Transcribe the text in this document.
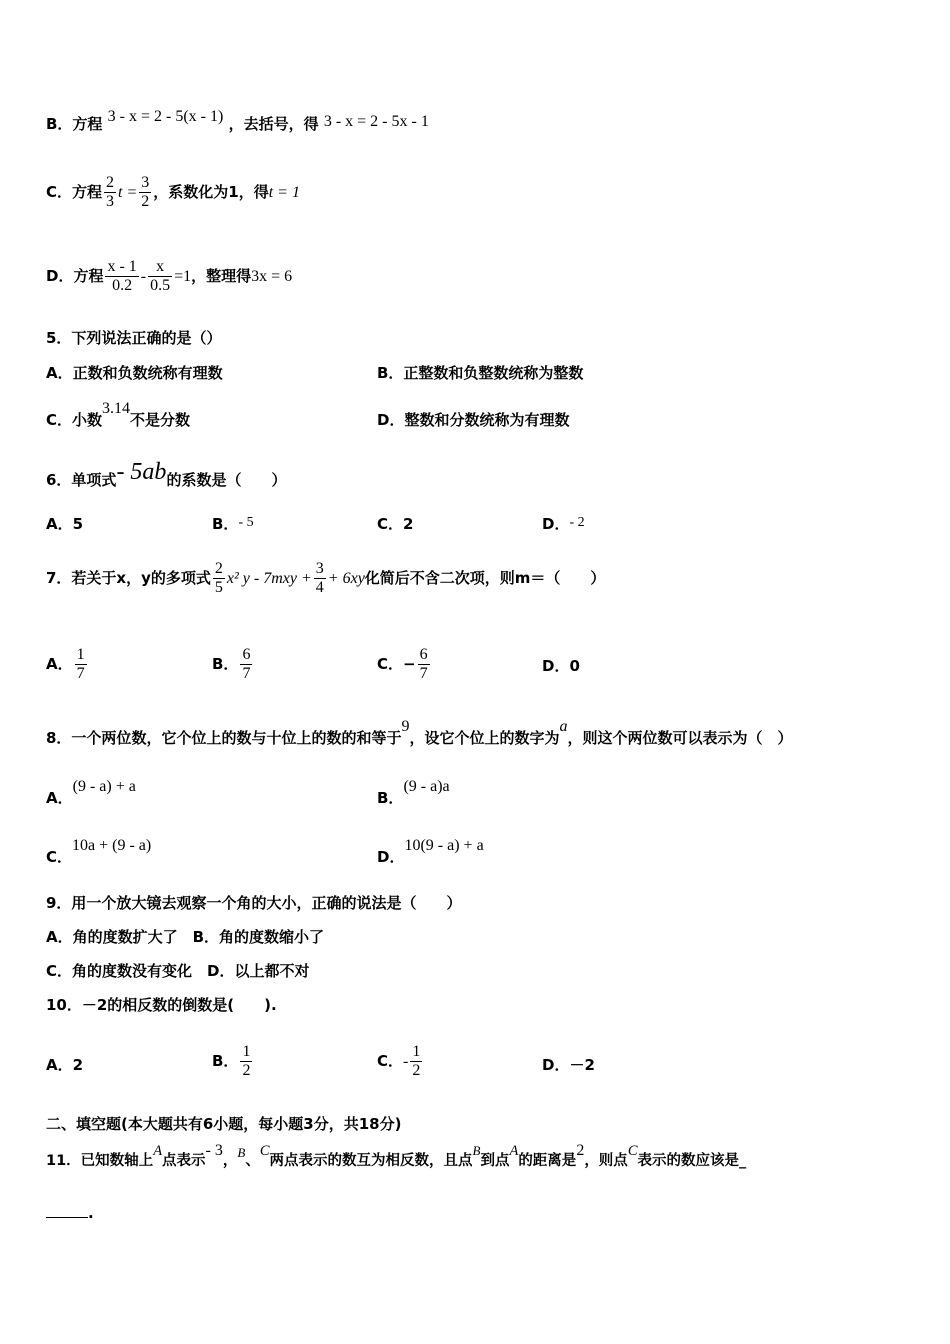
B．方程 3 - x = 2 - 5(x - 1) ，去括号，得 3 - x = 2 - 5x - 1
C．方程 $\frac{2}{3}$ $t = \frac{3}{2}$ ，系数化为1，得t = 1
D．方程 $\frac{x - 1}{0.2} - \frac{x}{0.5} =1$，整理得3x = 6
5．下列说法正确的是（）
A．正数和负数统称有理数	B．正整数和负整数统称为整数
C．小数3.14不是分数	D．整数和分数统称为有理数
6．单项式- 5ab的系数是（　　）
A．5	B．- 5	C．2	D．- 2
7．若关于x，y的多项式 $\frac{2}{5} x^2$ $y - 7mxy + \frac{3}{4} + 6xy$化简后不含二次项，则m＝（　　）
A． $\frac{1}{7}$	B． $\frac{6}{7}$	C．− $\frac{6}{7}$	D．0
8．一个两位数，它个位上的数与十位上的数的和等于9，设它个位上的数字为a，则这个两位数可以表示为（　）
A．(9 - a) + a
B．(9 - a)a
C．10a + (9 - a)
D．10(9 - a) + a
9．用一个放大镜去观察一个角的大小，正确的说法是（　　）
A．角的度数扩大了　B．角的度数缩小了
C．角的度数没有变化　D．以上都不对
10．－2的相反数的倒数是(　　).
A．2	B． $\frac{1}{2}$	C．- $\frac{1}{2}$	D．－2
二、填空题(本大题共有6小题，每小题3分，共18分)
11．已知数轴上A点表示- 3，B、C两点表示的数互为相反数，且点B到点A的距离是2，则点C表示的数应该是_
.
